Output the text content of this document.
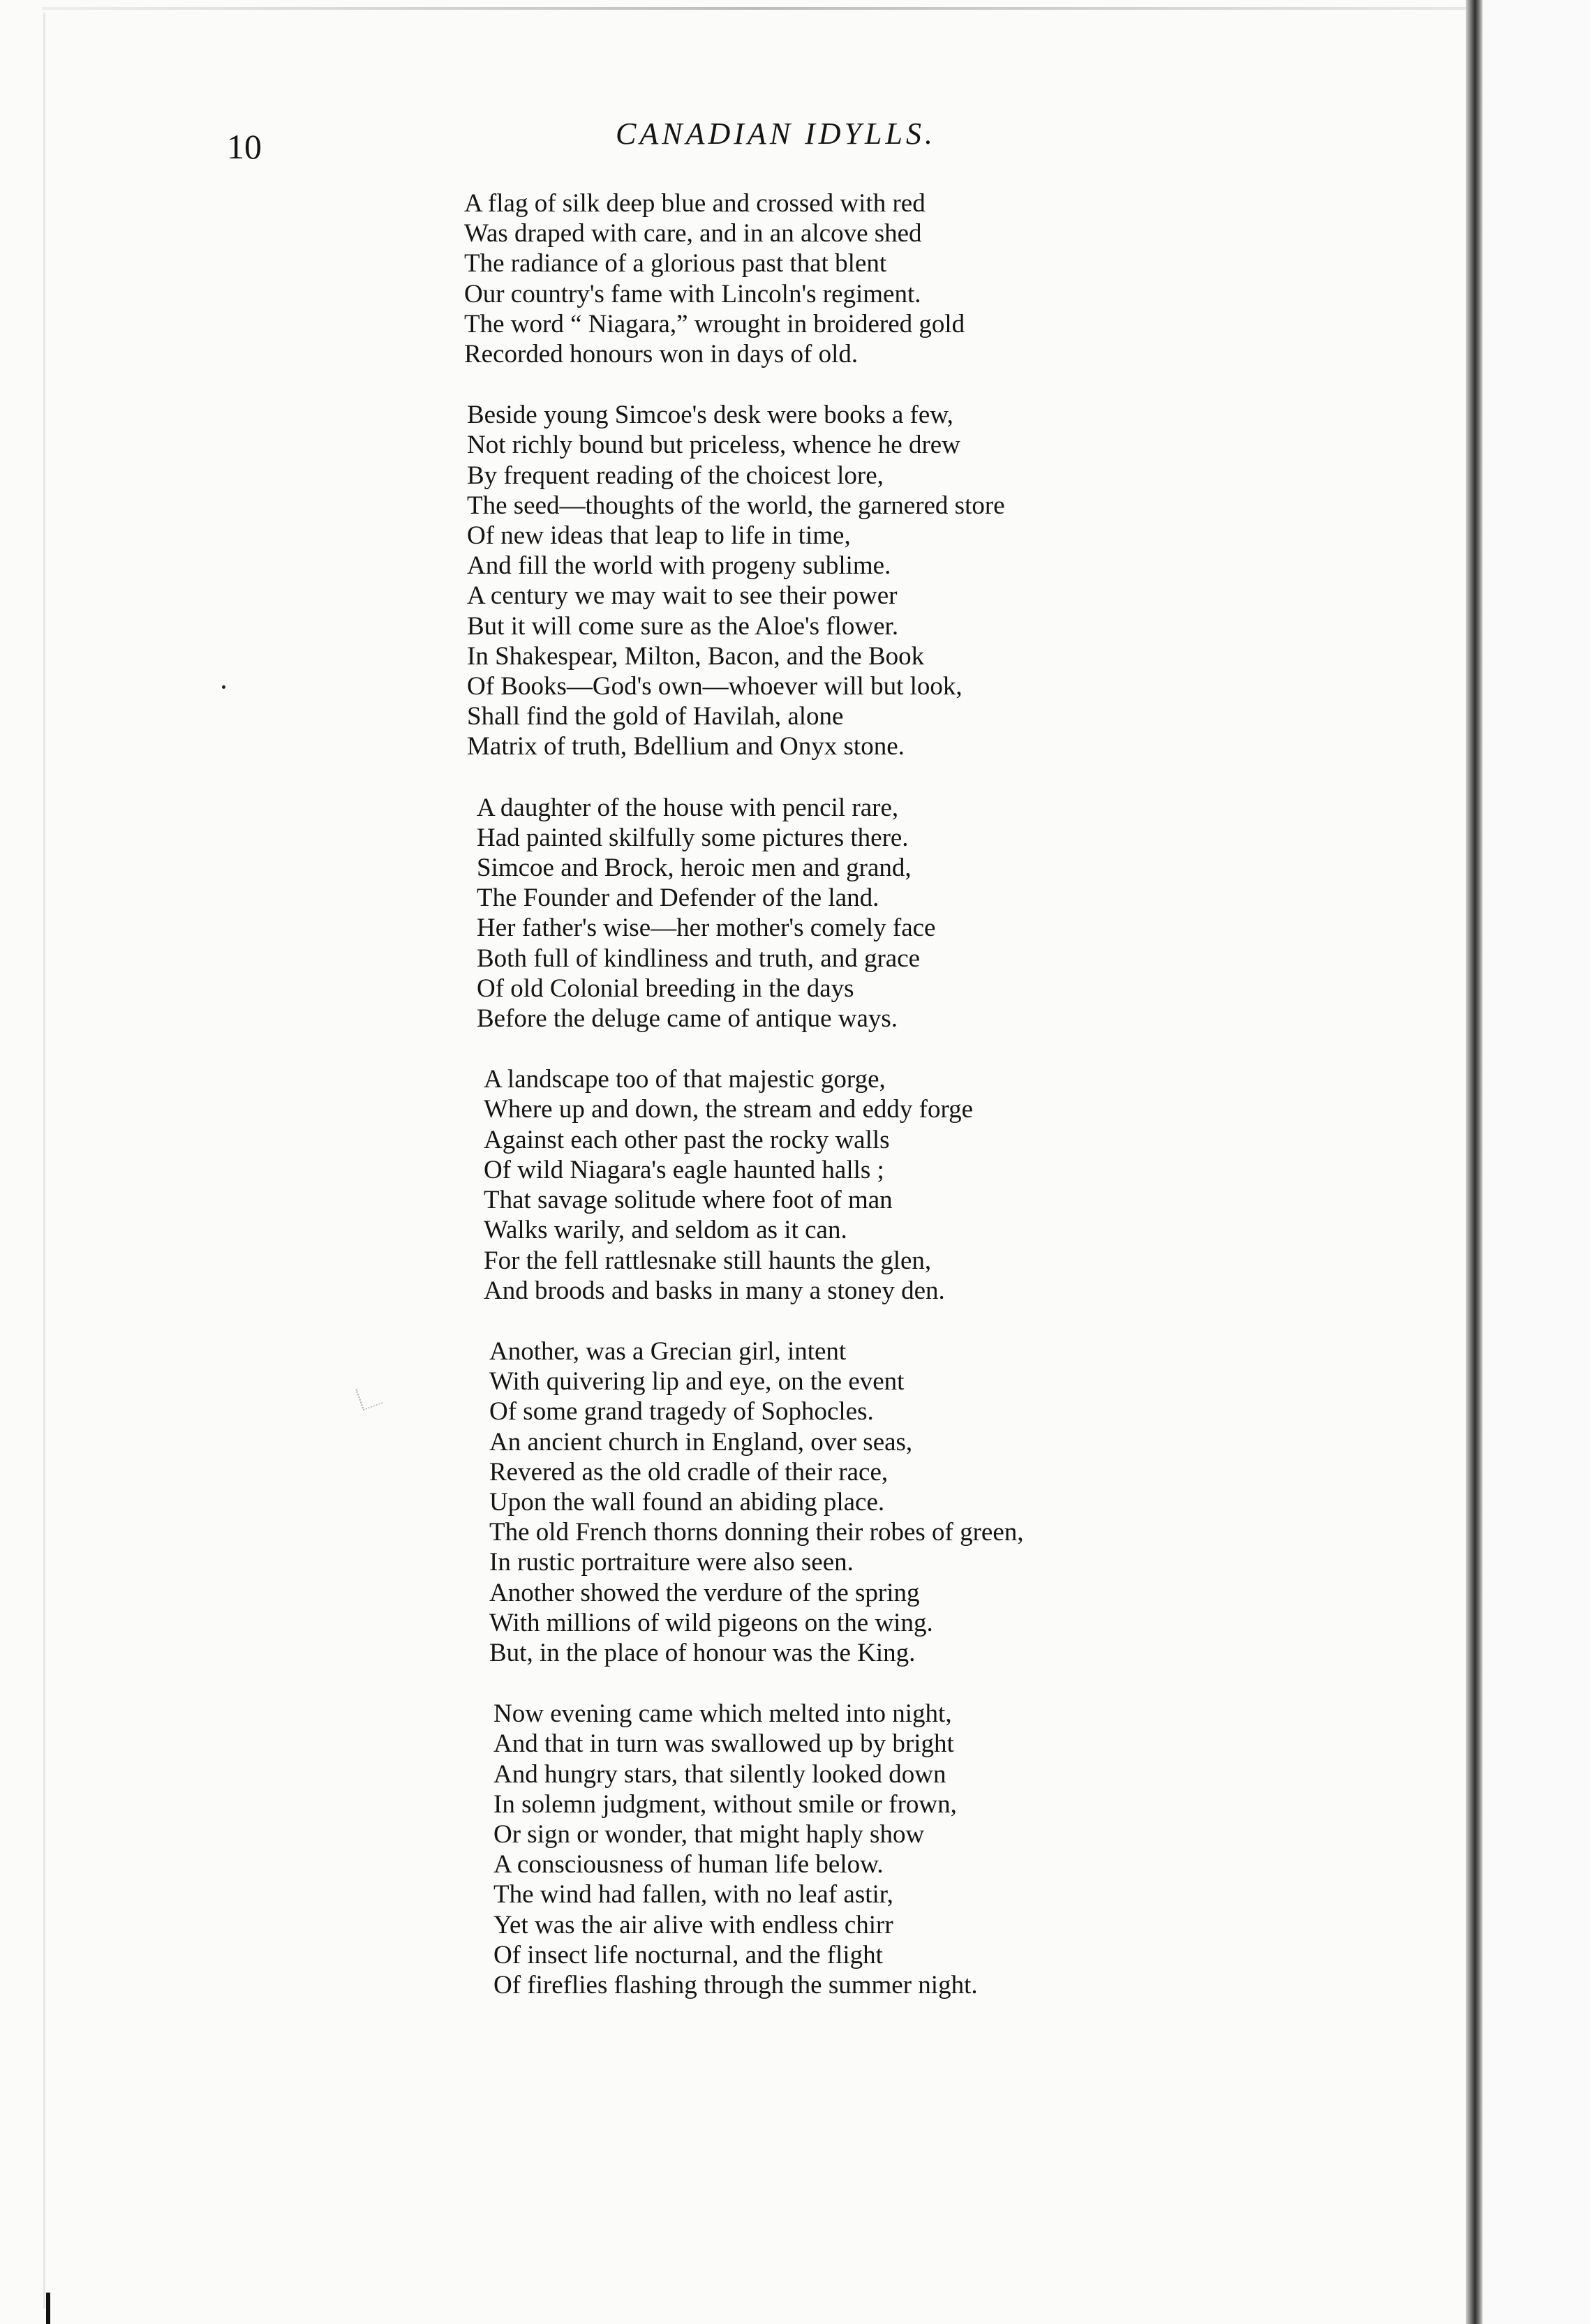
10	CANADIAN IDYLLS.
A flag of silk deep blue and crossed with red
Was draped with care, and in an alcove shed
The radiance of a glorious past that blent
Our country's fame with Lincoln's regiment.
The word “ Niagara,” wrought in broidered gold
Recorded honours won in days of old.
Beside young Simcoe's desk were books a few,
Not richly bound but priceless, whence he drew
By frequent reading of the choicest lore,
The seed—thoughts of the world, the garnered store
Of new ideas that leap to life in time,
And fill the world with progeny sublime.
A century we may wait to see their power
But it will come sure as the Aloe's flower.
In Shakespear, Milton, Bacon, and the Book
Of Books—God's own—whoever will but look,
Shall find the gold of Havilah, alone
Matrix of truth, Bdellium and Onyx stone.
A daughter of the house with pencil rare,
Had painted skilfully some pictures there.
Simcoe and Brock, heroic men and grand,
The Founder and Defender of the land.
Her father's wise—her mother's comely face
Both full of kindliness and truth, and grace
Of old Colonial breeding in the days
Before the deluge came of antique ways.
A landscape too of that majestic gorge,
Where up and down, the stream and eddy forge
Against each other past the rocky walls
Of wild Niagara's eagle haunted halls ;
That savage solitude where foot of man
Walks warily, and seldom as it can.
For the fell rattlesnake still haunts the glen,
And broods and basks in many a stoney den.
Another, was a Grecian girl, intent
With quivering lip and eye, on the event
Of some grand tragedy of Sophocles.
An ancient church in England, over seas,
Revered as the old cradle of their race,
Upon the wall found an abiding place.
The old French thorns donning their robes of green,
In rustic portraiture were also seen.
Another showed the verdure of the spring
With millions of wild pigeons on the wing.
But, in the place of honour was the King.
Now evening came which melted into night,
And that in turn was swallowed up by bright
And hungry stars, that silently looked down
In solemn judgment, without smile or frown,
Or sign or wonder, that might haply show
A consciousness of human life below.
The wind had fallen, with no leaf astir,
Yet was the air alive with endless chirr
Of insect life nocturnal, and the flight
Of fireflies flashing through the summer night.
